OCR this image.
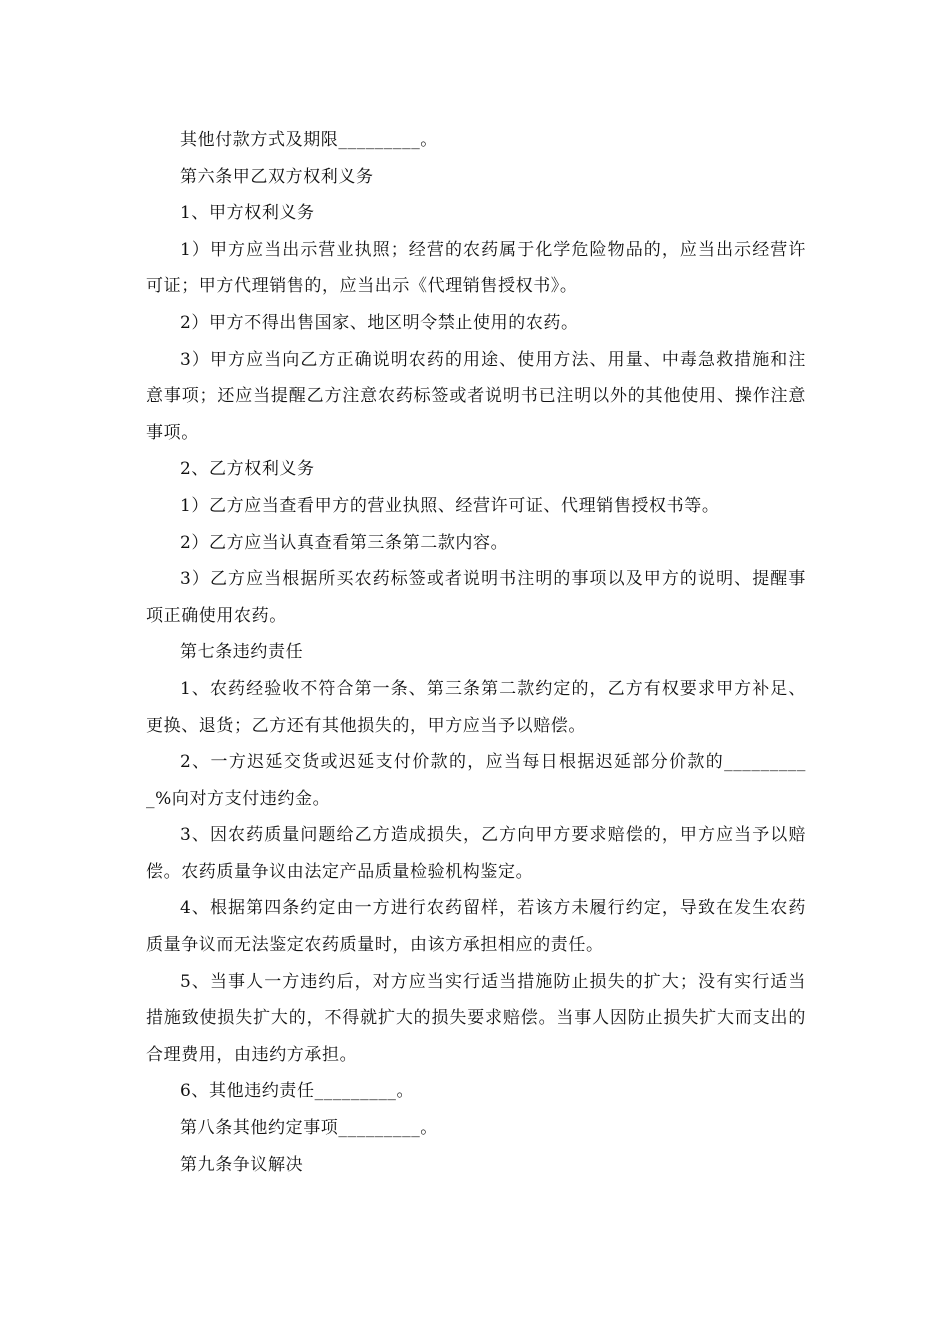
其他付款方式及期限_________。

第六条甲乙双方权利义务

1、甲方权利义务

1）甲方应当出示营业执照；经营的农药属于化学危险物品的，应当出示经营许可证；甲方代理销售的，应当出示《代理销售授权书》。

2）甲方不得出售国家、地区明令禁止使用的农药。

3）甲方应当向乙方正确说明农药的用途、使用方法、用量、中毒急救措施和注意事项；还应当提醒乙方注意农药标签或者说明书已注明以外的其他使用、操作注意事项。

2、乙方权利义务

1）乙方应当查看甲方的营业执照、经营许可证、代理销售授权书等。

2）乙方应当认真查看第三条第二款内容。

3）乙方应当根据所买农药标签或者说明书注明的事项以及甲方的说明、提醒事项正确使用农药。

第七条违约责任

1、农药经验收不符合第一条、第三条第二款约定的，乙方有权要求甲方补足、更换、退货；乙方还有其他损失的，甲方应当予以赔偿。

2、一方迟延交货或迟延支付价款的，应当每日根据迟延部分价款的__________%向对方支付违约金。

3、因农药质量问题给乙方造成损失，乙方向甲方要求赔偿的，甲方应当予以赔偿。农药质量争议由法定产品质量检验机构鉴定。

4、根据第四条约定由一方进行农药留样，若该方未履行约定，导致在发生农药质量争议而无法鉴定农药质量时，由该方承担相应的责任。

5、当事人一方违约后，对方应当实行适当措施防止损失的扩大；没有实行适当措施致使损失扩大的，不得就扩大的损失要求赔偿。当事人因防止损失扩大而支出的合理费用，由违约方承担。

6、其他违约责任_________。

第八条其他约定事项_________。

第九条争议解决
